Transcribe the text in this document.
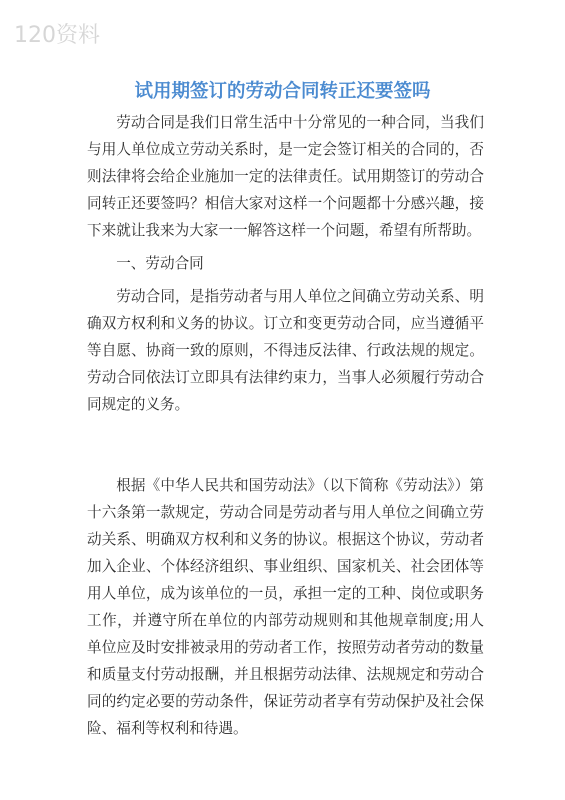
120资料
试用期签订的劳动合同转正还要签吗

劳动合同是我们日常生活中十分常见的一种合同，当我们与用人单位成立劳动关系时，是一定会签订相关的合同的，否则法律将会给企业施加一定的法律责任。试用期签订的劳动合同转正还要签吗？相信大家对这样一个问题都十分感兴趣，接下来就让我来为大家一一解答这样一个问题，希望有所帮助。

一、劳动合同

劳动合同，是指劳动者与用人单位之间确立劳动关系、明确双方权利和义务的协议。订立和变更劳动合同，应当遵循平等自愿、协商一致的原则，不得违反法律、行政法规的规定。劳动合同依法订立即具有法律约束力，当事人必须履行劳动合同规定的义务。

根据《中华人民共和国劳动法》（以下简称《劳动法》）第十六条第一款规定，劳动合同是劳动者与用人单位之间确立劳动关系、明确双方权利和义务的协议。根据这个协议，劳动者加入企业、个体经济组织、事业组织、国家机关、社会团体等用人单位，成为该单位的一员，承担一定的工种、岗位或职务工作，并遵守所在单位的内部劳动规则和其他规章制度;用人单位应及时安排被录用的劳动者工作，按照劳动者劳动的数量和质量支付劳动报酬，并且根据劳动法律、法规规定和劳动合同的约定必要的劳动条件，保证劳动者享有劳动保护及社会保险、福利等权利和待遇。
